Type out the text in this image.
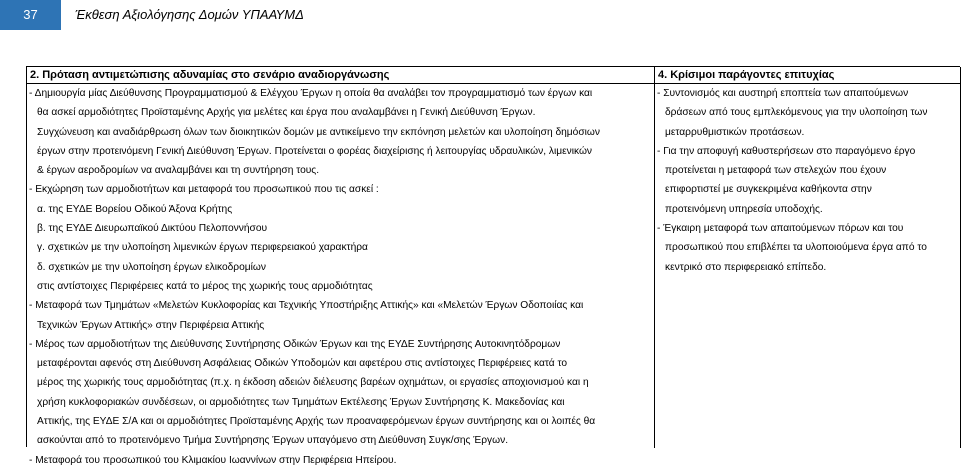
37	Έκθεση Αξιολόγησης Δομών ΥΠΑΑΥΜΔ
2. Πρόταση αντιμετώπισης αδυναμίας στο σενάριο αναδιοργάνωσης
- Δημιουργία μίας Διεύθυνσης Προγραμματισμού & Ελέγχου Έργων η οποία θα αναλάβει τον προγραμματισμό των έργων και
θα ασκεί αρμοδιότητες Προϊσταμένης Αρχής για μελέτες και έργα που αναλαμβάνει η Γενική Διεύθυνση Έργων.
Συγχώνευση και αναδιάρθρωση όλων των διοικητικών δομών με αντικείμενο την εκπόνηση μελετών και υλοποίηση δημόσιων
έργων στην προτεινόμενη Γενική Διεύθυνση Έργων. Προτείνεται ο φορέας διαχείρισης ή λειτουργίας υδραυλικών, λιμενικών
& έργων αεροδρομίων να αναλαμβάνει και τη συντήρηση τους.
- Εκχώρηση των αρμοδιοτήτων και μεταφορά του προσωπικού που τις ασκεί :
α. της ΕΥΔΕ Βορείου Οδικού Άξονα Κρήτης
β. της ΕΥΔΕ Διευρωπαϊκού Δικτύου Πελοποννήσου
γ. σχετικών με την υλοποίηση λιμενικών έργων περιφερειακού χαρακτήρα
δ. σχετικών με την υλοποίηση έργων ελικοδρομίων
στις αντίστοιχες Περιφέρειες κατά το μέρος της χωρικής τους αρμοδιότητας
- Μεταφορά των Τμημάτων «Μελετών Κυκλοφορίας και Τεχνικής Υποστήριξης Αττικής» και «Μελετών Έργων Οδοποιίας και
Τεχνικών Έργων Αττικής» στην Περιφέρεια Αττικής
- Μέρος των αρμοδιοτήτων της Διεύθυνσης Συντήρησης Οδικών Έργων και της ΕΥΔΕ Συντήρησης Αυτοκινητόδρομων
μεταφέρονται αφενός στη Διεύθυνση Ασφάλειας Οδικών Υποδομών και αφετέρου στις αντίστοιχες Περιφέρειες κατά το
μέρος της χωρικής τους αρμοδιότητας (π.χ. η έκδοση αδειών διέλευσης βαρέων οχημάτων, οι εργασίες αποχιονισμού και η
χρήση κυκλοφοριακών συνδέσεων, οι αρμοδιότητες των Τμημάτων Εκτέλεσης Έργων Συντήρησης Κ. Μακεδονίας και
Αττικής, της ΕΥΔΕ Σ/Α και οι αρμοδιότητες Προϊσταμένης Αρχής των προαναφερόμενων έργων συντήρησης και οι λοιπές θα
ασκούνται από το προτεινόμενο Τμήμα Συντήρησης Έργων υπαγόμενο στη Διεύθυνση Συγκ/σης Έργων.
- Μεταφορά του προσωπικού του Κλιμακίου Ιωαννίνων στην Περιφέρεια Ηπείρου.
4. Κρίσιμοι παράγοντες επιτυχίας
- Συντονισμός και αυστηρή εποπτεία των απαιτούμενων
δράσεων από τους εμπλεκόμενους για την υλοποίηση των
μεταρρυθμιστικών προτάσεων.
- Για την αποφυγή καθυστερήσεων στο παραγόμενο έργο
προτείνεται η μεταφορά των στελεχών που έχουν
επιφορτιστεί με συγκεκριμένα καθήκοντα στην
προτεινόμενη υπηρεσία υποδοχής.
- Έγκαιρη μεταφορά των απαιτούμενων πόρων και του
προσωπικού που επιβλέπει τα υλοποιούμενα έργα από το
κεντρικό στο περιφερειακό επίπεδο.
